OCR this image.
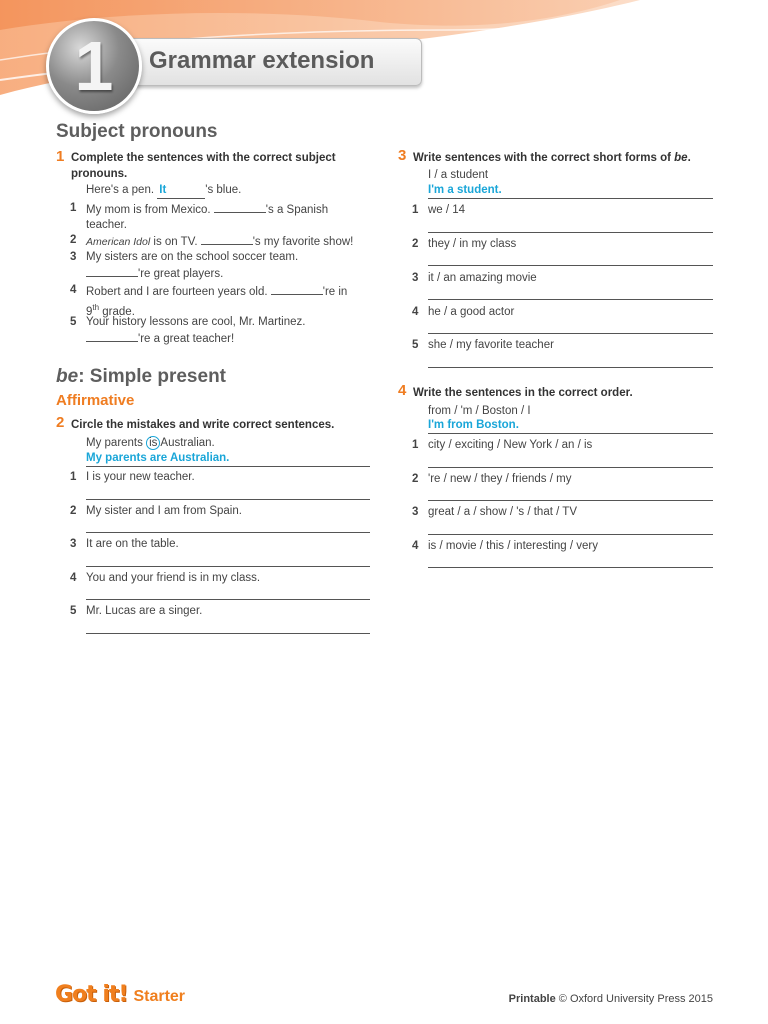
Grammar extension
1
Subject pronouns
1 Complete the sentences with the correct subject
pronouns.
Here's a pen. It	's blue.
1 My mom is from Mexico.	's a Spanish
teacher.
2 American Idol is on TV.	's my favorite show!
3 My sisters are on the school soccer team.
're great players.
4 Robert and I are fourteen years old.	're in
9th grade.
5 Your history lessons are cool, Mr. Martinez.
're a great teacher!
be: Simple present
Affirmative
2 Circle the mistakes and write correct sentences.
My parents is Australian.
My parents are Australian.
1 I is your new teacher.
2 My sister and I am from Spain.
3 It are on the table.
4 You and your friend is in my class.
5 Mr. Lucas are a singer.
3 Write sentences with the correct short forms of be.
I / a student
I'm a student.
1 we / 14
2 they / in my class
3 it / an amazing movie
4 he / a good actor
5 she / my favorite teacher
4 Write the sentences in the correct order.
from / 'm / Boston / I
I'm from Boston.
1 city / exciting / New York / an / is
2 're / new / they / friends / my
3 great / a / show / 's / that / TV
4 is / movie / this / interesting / very
Got it! Starter	Printable © Oxford University Press 2015
